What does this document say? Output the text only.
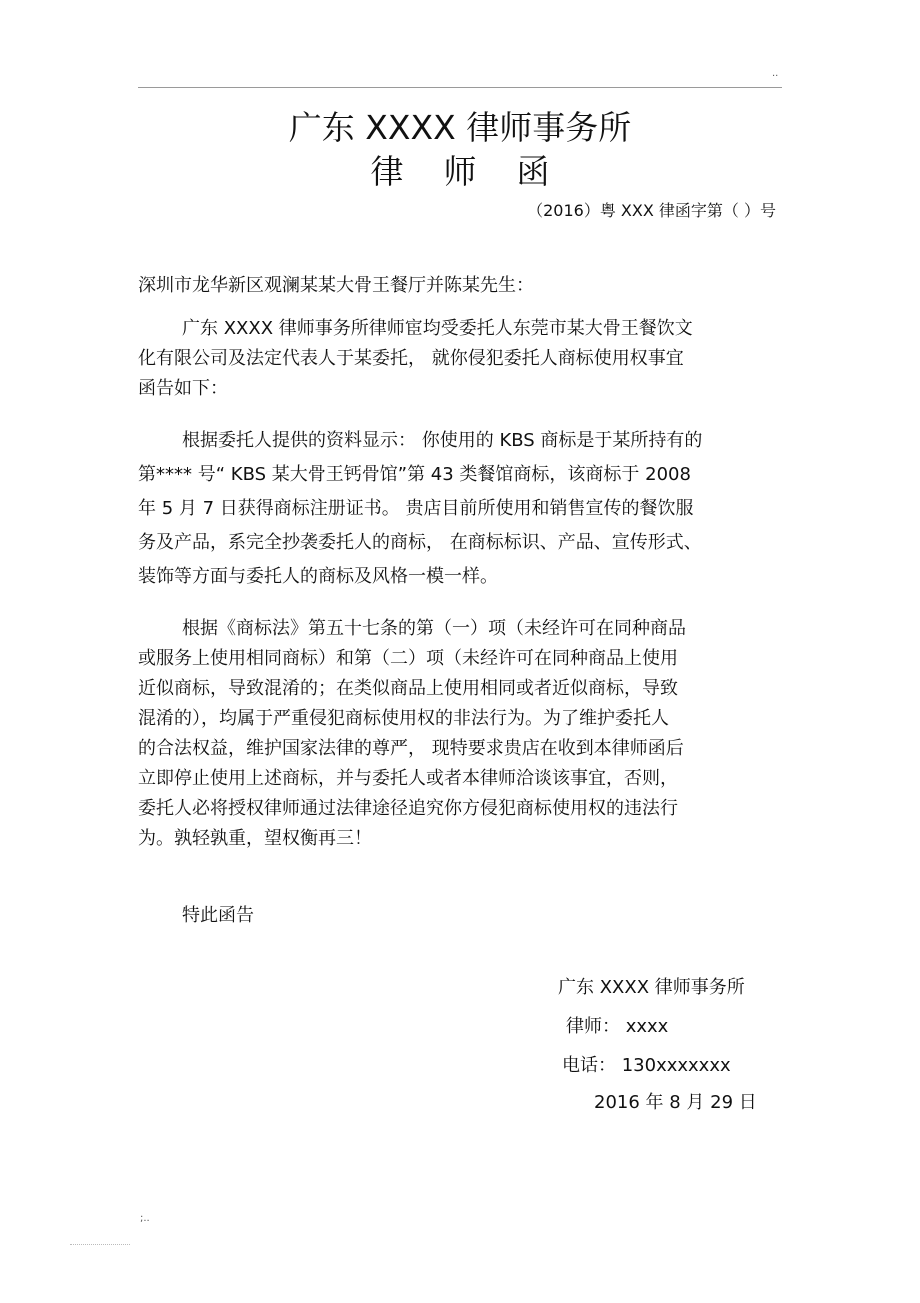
..
广东 XXXX 律师事务所
律师函
（2016）粤 XXX 律函字第（ ）号
深圳市龙华新区观澜某某大骨王餐厅并陈某先生：
广东 XXXX 律师事务所律师宦均受委托人东莞市某大骨王餐饮文
化有限公司及法定代表人于某委托， 就你侵犯委托人商标使用权事宜
函告如下：
根据委托人提供的资料显示： 你使用的 KBS 商标是于某所持有的
第**** 号“ KBS 某大骨王钙骨馆”第 43 类餐馆商标，该商标于 2008
年 5 月 7 日获得商标注册证书。 贵店目前所使用和销售宣传的餐饮服
务及产品，系完全抄袭委托人的商标， 在商标标识、产品、宣传形式、
装饰等方面与委托人的商标及风格一模一样。
根据《商标法》第五十七条的第（一）项（未经许可在同种商品
或服务上使用相同商标）和第（二）项（未经许可在同种商品上使用
近似商标，导致混淆的；在类似商品上使用相同或者近似商标，导致
混淆的），均属于严重侵犯商标使用权的非法行为。为了维护委托人
的合法权益，维护国家法律的尊严， 现特要求贵店在收到本律师函后
立即停止使用上述商标，并与委托人或者本律师洽谈该事宜，否则，
委托人必将授权律师通过法律途径追究你方侵犯商标使用权的违法行
为。孰轻孰重，望权衡再三！
特此函告
广东 XXXX 律师事务所
律师： xxxx
电话： 130xxxxxxx
2016 年 8 月 29 日
;..
